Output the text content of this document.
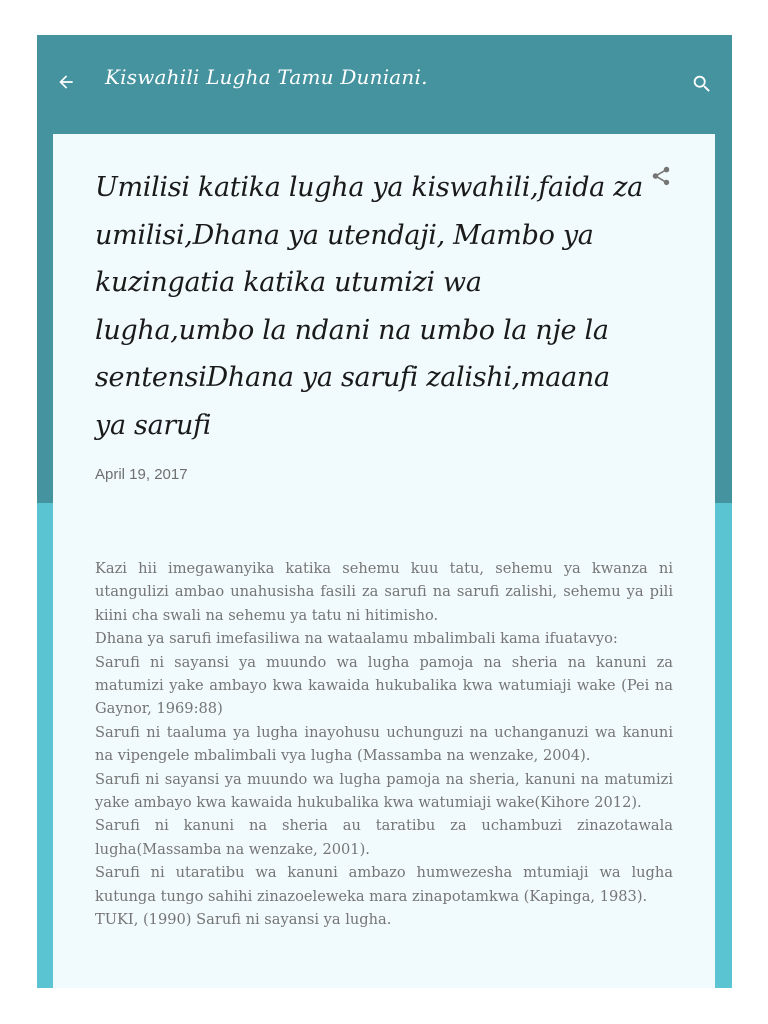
Kiswahili Lugha Tamu Duniani.
Umilisi katika lugha ya kiswahili,faida za umilisi,Dhana ya utendaji, Mambo ya kuzingatia katika utumizi wa lugha,umbo la ndani na umbo la nje la sentensiDhana ya sarufi zalishi,maana ya sarufi
April 19, 2017

Kazi hii imegawanyika katika sehemu kuu tatu, sehemu ya kwanza ni utangulizi ambao unahusisha fasili za sarufi na sarufi zalishi, sehemu ya pili kiini cha swali na sehemu ya tatu ni hitimisho.

Dhana ya sarufi imefasiliwa na wataalamu mbalimbali kama ifuatavyo:

Sarufi ni sayansi ya muundo wa lugha pamoja na sheria na kanuni za matumizi yake ambayo kwa kawaida hukubalika kwa watumiaji wake (Pei na Gaynor, 1969:88)

Sarufi ni taaluma ya lugha inayohusu uchunguzi na uchanganuzi wa kanuni na vipengele mbalimbali vya lugha (Massamba na wenzake, 2004).

Sarufi ni sayansi ya muundo wa lugha pamoja na sheria, kanuni na matumizi yake ambayo kwa kawaida hukubalika kwa watumiaji wake(Kihore 2012).

Sarufi ni kanuni na sheria au taratibu za uchambuzi zinazotawala lugha(Massamba na wenzake, 2001).

Sarufi ni utaratibu wa kanuni ambazo humwezesha mtumiaji wa lugha kutunga tungo sahihi zinazoeleweka mara zinapotamkwa (Kapinga, 1983).

TUKI, (1990) Sarufi ni sayansi ya lugha.
